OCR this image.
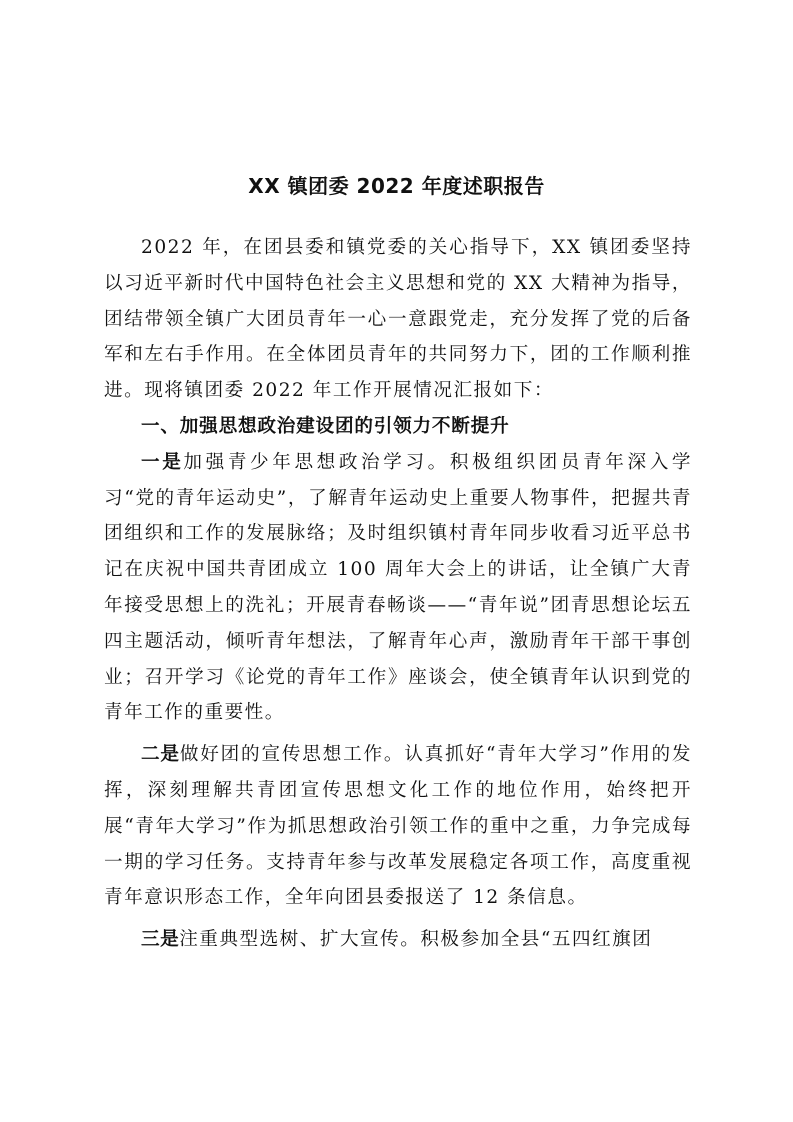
XX 镇团委 2022 年度述职报告

2022 年，在团县委和镇党委的关心指导下，XX 镇团委坚持以习近平新时代中国特色社会主义思想和党的 XX 大精神为指导，团结带领全镇广大团员青年一心一意跟党走，充分发挥了党的后备军和左右手作用。在全体团员青年的共同努力下，团的工作顺利推进。现将镇团委 2022 年工作开展情况汇报如下：

一、加强思想政治建设团的引领力不断提升

一是加强青少年思想政治学习。积极组织团员青年深入学习“党的青年运动史”，了解青年运动史上重要人物事件，把握共青团组织和工作的发展脉络；及时组织镇村青年同步收看习近平总书记在庆祝中国共青团成立 100 周年大会上的讲话，让全镇广大青年接受思想上的洗礼；开展青春畅谈——“青年说”团青思想论坛五四主题活动，倾听青年想法，了解青年心声，激励青年干部干事创业；召开学习《论党的青年工作》座谈会，使全镇青年认识到党的青年工作的重要性。

二是做好团的宣传思想工作。认真抓好“青年大学习”作用的发挥，深刻理解共青团宣传思想文化工作的地位作用，始终把开展“青年大学习”作为抓思想政治引领工作的重中之重，力争完成每一期的学习任务。支持青年参与改革发展稳定各项工作，高度重视青年意识形态工作，全年向团县委报送了 12 条信息。

三是注重典型选树、扩大宣传。积极参加全县“五四红旗团
